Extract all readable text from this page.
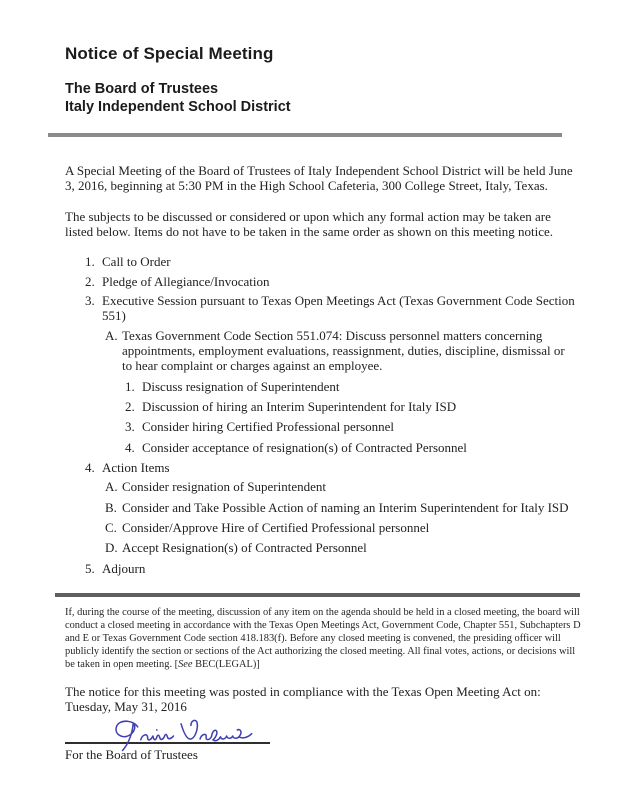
Notice of Special Meeting
The Board of Trustees
Italy Independent School District

A Special Meeting of the Board of Trustees of Italy Independent School District will be held June 3, 2016, beginning at 5:30 PM in the High School Cafeteria, 300 College Street, Italy, Texas.

The subjects to be discussed or considered or upon which any formal action may be taken are listed below. Items do not have to be taken in the same order as shown on this meeting notice.

1. Call to Order
2. Pledge of Allegiance/Invocation
3. Executive Session pursuant to Texas Open Meetings Act (Texas Government Code Section 551)
A. Texas Government Code Section 551.074: Discuss personnel matters concerning appointments, employment evaluations, reassignment, duties, discipline, dismissal or to hear complaint or charges against an employee.
1. Discuss resignation of Superintendent
2. Discussion of hiring an Interim Superintendent for Italy ISD
3. Consider hiring Certified Professional personnel
4. Consider acceptance of resignation(s) of Contracted Personnel
4. Action Items
A. Consider resignation of Superintendent
B. Consider and Take Possible Action of naming an Interim Superintendent for Italy ISD
C. Consider/Approve Hire of Certified Professional personnel
D. Accept Resignation(s) of Contracted Personnel
5. Adjourn

If, during the course of the meeting, discussion of any item on the agenda should be held in a closed meeting, the board will conduct a closed meeting in accordance with the Texas Open Meetings Act, Government Code, Chapter 551, Subchapters D and E or Texas Government Code section 418.183(f). Before any closed meeting is convened, the presiding officer will publicly identify the section or sections of the Act authorizing the closed meeting. All final votes, actions, or decisions will be taken in open meeting. [See BEC(LEGAL)]

The notice for this meeting was posted in compliance with the Texas Open Meeting Act on:
Tuesday, May 31, 2016

For the Board of Trustees
